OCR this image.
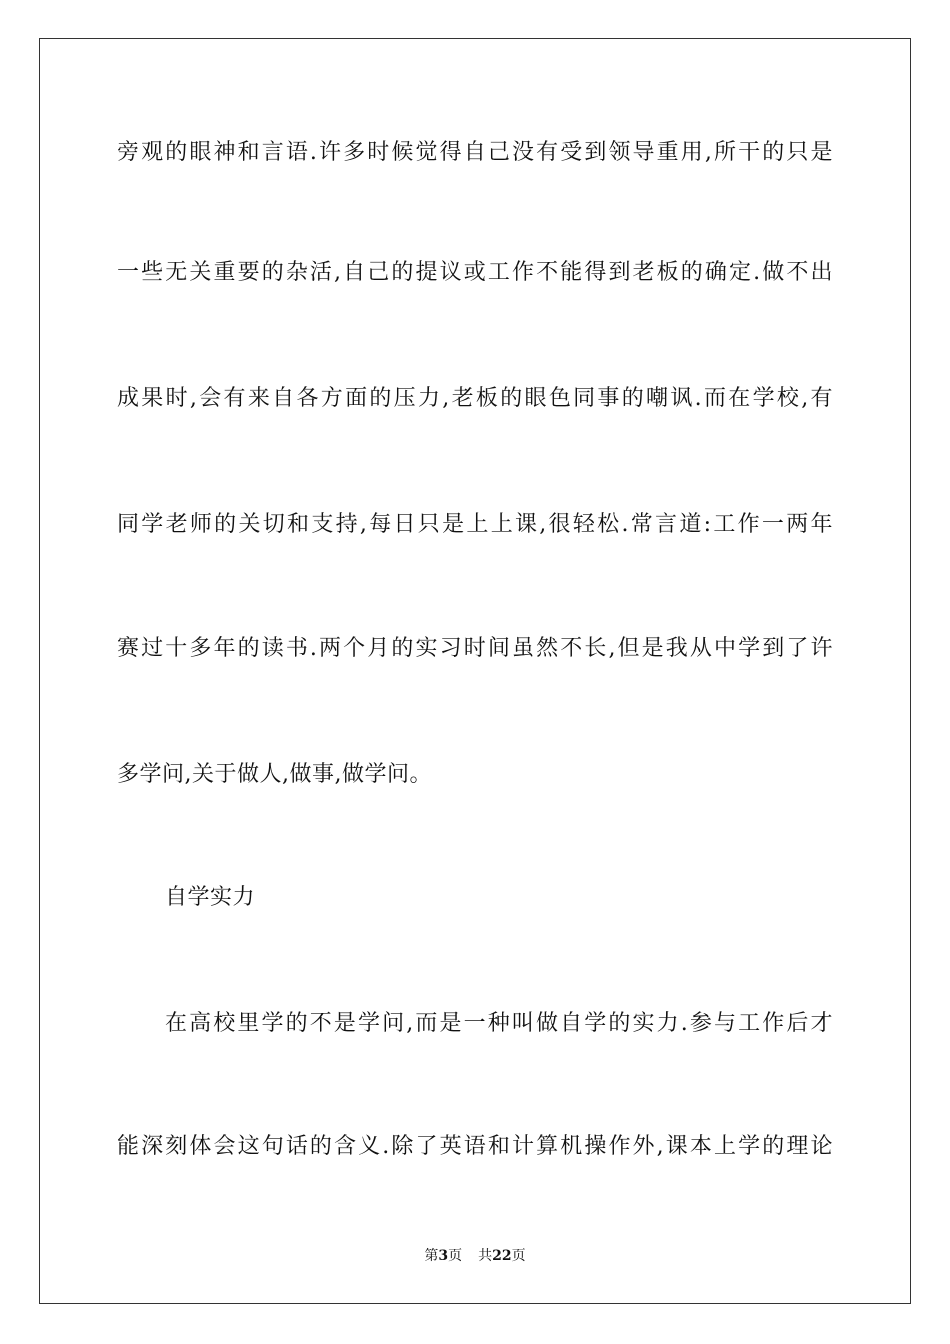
旁观的眼神和言语.许多时候觉得自己没有受到领导重用,所干的只是
一些无关重要的杂活,自己的提议或工作不能得到老板的确定.做不出
成果时,会有来自各方面的压力,老板的眼色同事的嘲讽.而在学校,有
同学老师的关切和支持,每日只是上上课,很轻松.常言道:工作一两年
赛过十多年的读书.两个月的实习时间虽然不长,但是我从中学到了许
多学问,关于做人,做事,做学问。
自学实力
在高校里学的不是学问,而是一种叫做自学的实力.参与工作后才
能深刻体会这句话的含义.除了英语和计算机操作外,课本上学的理论
第3页 共22页
